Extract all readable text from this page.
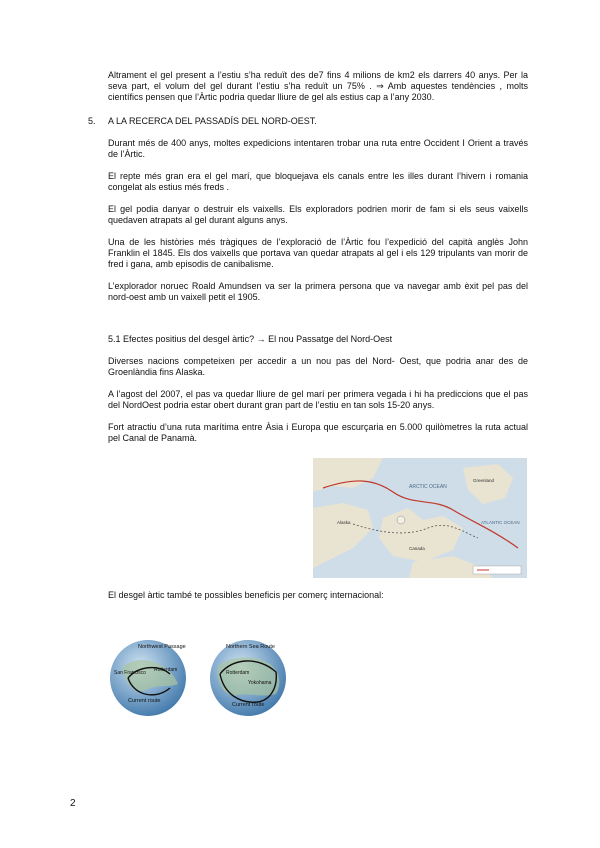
Altrament el gel present a l’estiu s’ha reduït des de7 fins 4 milions de km2 els darrers 40 anys. Per la seva part, el volum del gel durant l’estiu s’ha reduït un 75% . ⇒ Amb aquestes tendències , molts científics pensen que l’Àrtic podria quedar lliure de gel als estius cap a l’any 2030.

5. A LA RECERCA DEL PASSADÍS DEL NORD-OEST.

Durant més de 400 anys, moltes expedicions intentaren trobar una ruta entre Occident I Orient a través de l’Àrtic.

El repte més gran era el gel marí, que bloquejava els canals entre les illes durant l’hivern i romania congelat als estius més freds .

El gel podia danyar o destruir els vaixells. Els exploradors podrien morir de fam si els seus vaixells quedaven atrapats al gel durant alguns anys.

Una de les històries més tràgiques de l’exploració de l’Àrtic fou l’expedició del capità anglès John Franklin el 1845. Els dos vaixells que portava van quedar atrapats al gel i els 129 tripulants van morir de fred i gana, amb episodis de canibalisme.

L’explorador noruec Roald Amundsen va ser la primera persona que va navegar amb èxit pel pas del nord-oest amb un vaixell petit el 1905.

5.1 Efectes positius del desgel àrtic? → El nou Passatge del Nord-Oest

Diverses nacions competeixen per accedir a un nou pas del Nord- Oest, que podria anar des de Groenlàndia fins Alaska.

A l’agost del 2007, el pas va quedar lliure de gel marí per primera vegada i hi ha prediccions que el pas del NordOest podria estar obert durant gran part de l’estiu en tan sols 15-20 anys.

Fort atractiu d’una ruta marítima entre Àsia i Europa que escurçaria en 5.000 quilòmetres la ruta actual pel Canal de Panamà.

ARCTIC OCEAN
ATLANTIC OCEAN
Alaska
Greenland
Canada
El desgel àrtic també te possibles beneficis per comerç internacional:
Northwest Passage
San Francisco Rotterdam
Current route
Northern Sea Route
Rotterdam
Yokohama
Current route
2
